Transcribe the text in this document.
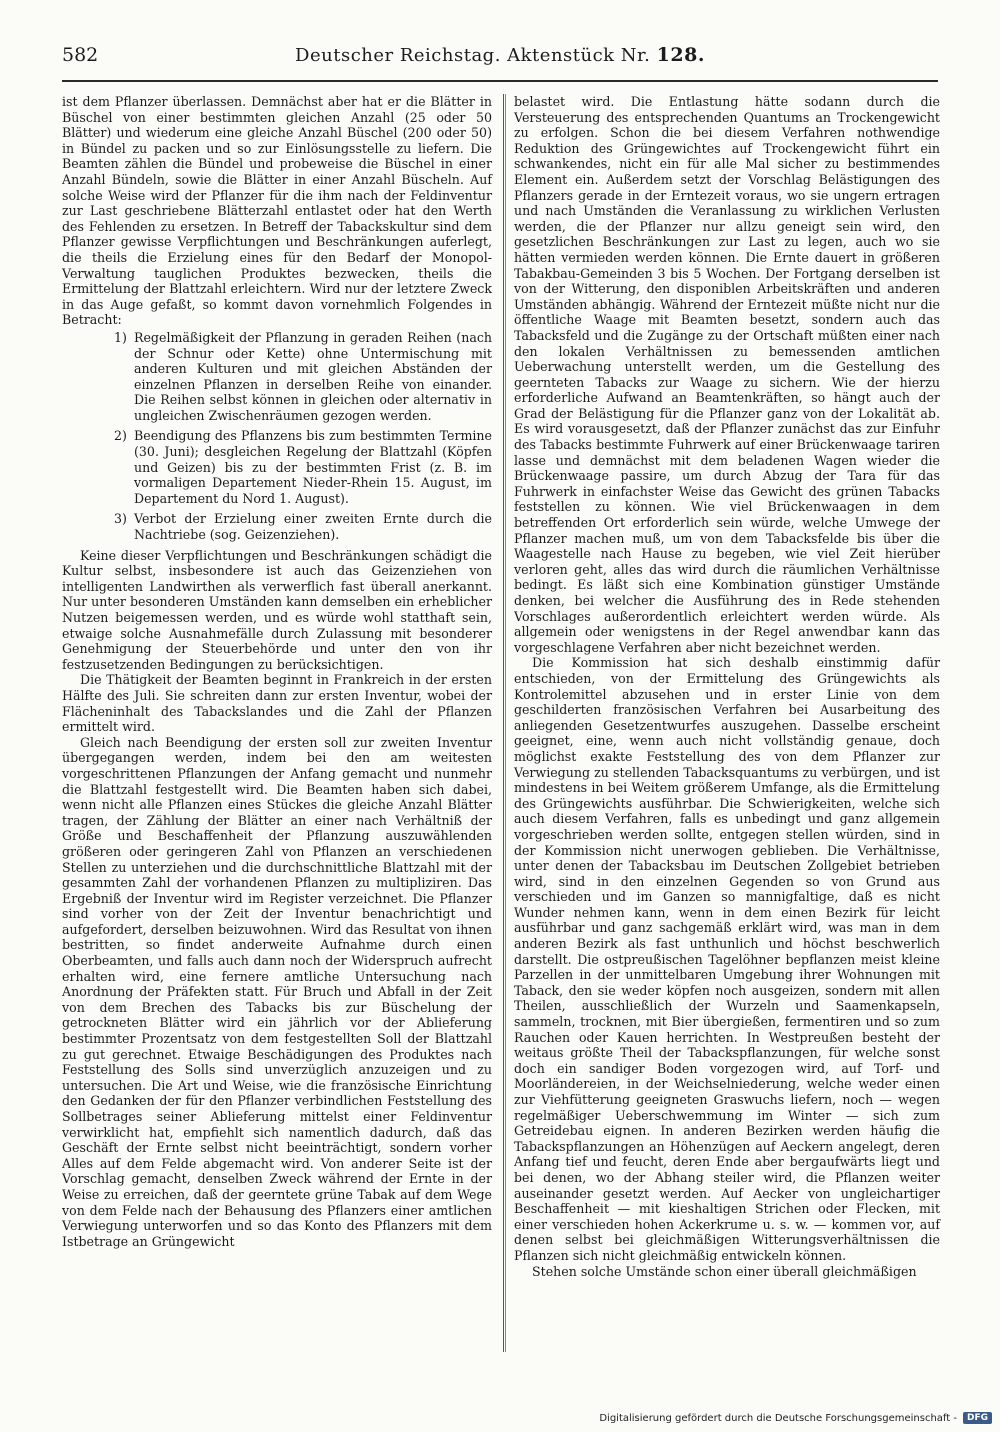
582	Deutscher Reichstag. Aktenstück Nr. 128.

ist dem Pflanzer überlassen. Demnächst aber hat er die Blätter in Büschel von einer bestimmten gleichen Anzahl (25 oder 50 Blätter) und wiederum eine gleiche Anzahl Büschel (200 oder 50) in Bündel zu packen und so zur Einlösungsstelle zu liefern. Die Beamten zählen die Bündel und probeweise die Büschel in einer Anzahl Bündeln, sowie die Blätter in einer Anzahl Büscheln. Auf solche Weise wird der Pflanzer für die ihm nach der Feldinventur zur Last geschriebene Blätterzahl entlastet oder hat den Werth des Fehlenden zu ersetzen. In Betreff der Tabackskultur sind dem Pflanzer gewisse Verpflichtungen und Beschränkungen auferlegt, die theils die Erzielung eines für den Bedarf der Monopol-Verwaltung tauglichen Produktes bezwecken, theils die Ermittelung der Blattzahl erleichtern. Wird nur der letztere Zweck in das Auge gefaßt, so kommt davon vornehmlich Folgendes in Betracht:

1) Regelmäßigkeit der Pflanzung in geraden Reihen (nach der Schnur oder Kette) ohne Untermischung mit anderen Kulturen und mit gleichen Abständen der einzelnen Pflanzen in derselben Reihe von einander. Die Reihen selbst können in gleichen oder alternativ in ungleichen Zwischenräumen gezogen werden.
2) Beendigung des Pflanzens bis zum bestimmten Termine (30. Juni); desgleichen Regelung der Blattzahl (Köpfen und Geizen) bis zu der bestimmten Frist (z. B. im vormaligen Departement Nieder-Rhein 15. August, im Departement du Nord 1. August).
3) Verbot der Erzielung einer zweiten Ernte durch die Nachtriebe (sog. Geizenziehen).

Keine dieser Verpflichtungen und Beschränkungen schädigt die Kultur selbst, insbesondere ist auch das Geizenziehen von intelligenten Landwirthen als verwerflich fast überall anerkannt. Nur unter besonderen Umständen kann demselben ein erheblicher Nutzen beigemessen werden, und es würde wohl statthaft sein, etwaige solche Ausnahmefälle durch Zulassung mit besonderer Genehmigung der Steuerbehörde und unter den von ihr festzusetzenden Bedingungen zu berücksichtigen.

Die Thätigkeit der Beamten beginnt in Frankreich in der ersten Hälfte des Juli. Sie schreiten dann zur ersten Inventur, wobei der Flächeninhalt des Tabackslandes und die Zahl der Pflanzen ermittelt wird.

Gleich nach Beendigung der ersten soll zur zweiten Inventur übergegangen werden, indem bei den am weitesten vorgeschrittenen Pflanzungen der Anfang gemacht und nunmehr die Blattzahl festgestellt wird. Die Beamten haben sich dabei, wenn nicht alle Pflanzen eines Stückes die gleiche Anzahl Blätter tragen, der Zählung der Blätter an einer nach Verhältniß der Größe und Beschaffenheit der Pflanzung auszuwählenden größeren oder geringeren Zahl von Pflanzen an verschiedenen Stellen zu unterziehen und die durchschnittliche Blattzahl mit der gesammten Zahl der vorhandenen Pflanzen zu multipliziren. Das Ergebniß der Inventur wird im Register verzeichnet. Die Pflanzer sind vorher von der Zeit der Inventur benachrichtigt und aufgefordert, derselben beizuwohnen. Wird das Resultat von ihnen bestritten, so findet anderweite Aufnahme durch einen Oberbeamten, und falls auch dann noch der Widerspruch aufrecht erhalten wird, eine fernere amtliche Untersuchung nach Anordnung der Präfekten statt. Für Bruch und Abfall in der Zeit von dem Brechen des Tabacks bis zur Büschelung der getrockneten Blätter wird ein jährlich vor der Ablieferung bestimmter Prozentsatz von dem festgestellten Soll der Blattzahl zu gut gerechnet. Etwaige Beschädigungen des Produktes nach Feststellung des Solls sind unverzüglich anzuzeigen und zu untersuchen. Die Art und Weise, wie die französische Einrichtung den Gedanken der für den Pflanzer verbindlichen Feststellung des Sollbetrages seiner Ablieferung mittelst einer Feldinventur verwirklicht hat, empfiehlt sich namentlich dadurch, daß das Geschäft der Ernte selbst nicht beeinträchtigt, sondern vorher Alles auf dem Felde abgemacht wird. Von anderer Seite ist der Vorschlag gemacht, denselben Zweck während der Ernte in der Weise zu erreichen, daß der geerntete grüne Tabak auf dem Wege von dem Felde nach der Behausung des Pflanzers einer amtlichen Verwiegung unterworfen und so das Konto des Pflanzers mit dem Istbetrage an Grüngewicht

belastet wird. Die Entlastung hätte sodann durch die Versteuerung des entsprechenden Quantums an Trockengewicht zu erfolgen. Schon die bei diesem Verfahren nothwendige Reduktion des Grüngewichtes auf Trockengewicht führt ein schwankendes, nicht ein für alle Mal sicher zu bestimmendes Element ein. Außerdem setzt der Vorschlag Belästigungen des Pflanzers gerade in der Erntezeit voraus, wo sie ungern ertragen und nach Umständen die Veranlassung zu wirklichen Verlusten werden, die der Pflanzer nur allzu geneigt sein wird, den gesetzlichen Beschränkungen zur Last zu legen, auch wo sie hätten vermieden werden können. Die Ernte dauert in größeren Tabakbau-Gemeinden 3 bis 5 Wochen. Der Fortgang derselben ist von der Witterung, den disponiblen Arbeitskräften und anderen Umständen abhängig. Während der Erntezeit müßte nicht nur die öffentliche Waage mit Beamten besetzt, sondern auch das Tabacksfeld und die Zugänge zu der Ortschaft müßten einer nach den lokalen Verhältnissen zu bemessenden amtlichen Ueberwachung unterstellt werden, um die Gestellung des geernteten Tabacks zur Waage zu sichern. Wie der hierzu erforderliche Aufwand an Beamtenkräften, so hängt auch der Grad der Belästigung für die Pflanzer ganz von der Lokalität ab. Es wird vorausgesetzt, daß der Pflanzer zunächst das zur Einfuhr des Tabacks bestimmte Fuhrwerk auf einer Brückenwaage tariren lasse und demnächst mit dem beladenen Wagen wieder die Brückenwaage passire, um durch Abzug der Tara für das Fuhrwerk in einfachster Weise das Gewicht des grünen Tabacks feststellen zu können. Wie viel Brückenwaagen in dem betreffenden Ort erforderlich sein würde, welche Umwege der Pflanzer machen muß, um von dem Tabacksfelde bis über die Waagestelle nach Hause zu begeben, wie viel Zeit hierüber verloren geht, alles das wird durch die räumlichen Verhältnisse bedingt. Es läßt sich eine Kombination günstiger Umstände denken, bei welcher die Ausführung des in Rede stehenden Vorschlages außerordentlich erleichtert werden würde. Als allgemein oder wenigstens in der Regel anwendbar kann das vorgeschlagene Verfahren aber nicht bezeichnet werden.

Die Kommission hat sich deshalb einstimmig dafür entschieden, von der Ermittelung des Grüngewichts als Kontrolemittel abzusehen und in erster Linie von dem geschilderten französischen Verfahren bei Ausarbeitung des anliegenden Gesetzentwurfes auszugehen. Dasselbe erscheint geeignet, eine, wenn auch nicht vollständig genaue, doch möglichst exakte Feststellung des von dem Pflanzer zur Verwiegung zu stellenden Tabacksquantums zu verbürgen, und ist mindestens in bei Weitem größerem Umfange, als die Ermittelung des Grüngewichts ausführbar. Die Schwierigkeiten, welche sich auch diesem Verfahren, falls es unbedingt und ganz allgemein vorgeschrieben werden sollte, entgegen stellen würden, sind in der Kommission nicht unerwogen geblieben. Die Verhältnisse, unter denen der Tabacksbau im Deutschen Zollgebiet betrieben wird, sind in den einzelnen Gegenden so von Grund aus verschieden und im Ganzen so mannigfaltige, daß es nicht Wunder nehmen kann, wenn in dem einen Bezirk für leicht ausführbar und ganz sachgemäß erklärt wird, was man in dem anderen Bezirk als fast unthunlich und höchst beschwerlich darstellt. Die ostpreußischen Tagelöhner bepflanzen meist kleine Parzellen in der unmittelbaren Umgebung ihrer Wohnungen mit Taback, den sie weder köpfen noch ausgeizen, sondern mit allen Theilen, ausschließlich der Wurzeln und Saamenkapseln, sammeln, trocknen, mit Bier übergießen, fermentiren und so zum Rauchen oder Kauen herrichten. In Westpreußen besteht der weitaus größte Theil der Tabackspflanzungen, für welche sonst doch ein sandiger Boden vorgezogen wird, auf Torf- und Moorländereien, in der Weichselniederung, welche weder einen zur Viehfütterung geeigneten Graswuchs liefern, noch — wegen regelmäßiger Ueberschwemmung im Winter — sich zum Getreidebau eignen. In anderen Bezirken werden häufig die Tabackspflanzungen an Höhenzügen auf Aeckern angelegt, deren Anfang tief und feucht, deren Ende aber bergaufwärts liegt und bei denen, wo der Abhang steiler wird, die Pflanzen weiter auseinander gesetzt werden. Auf Aecker von ungleichartiger Beschaffenheit — mit kieshaltigen Strichen oder Flecken, mit einer verschieden hohen Ackerkrume u. s. w. — kommen vor, auf denen selbst bei gleichmäßigen Witterungsverhältnissen die Pflanzen sich nicht gleichmäßig entwickeln können.

Stehen solche Umstände schon einer überall gleichmäßigen

Digitalisierung gefördert durch die Deutsche Forschungsgemeinschaft -	DFG
